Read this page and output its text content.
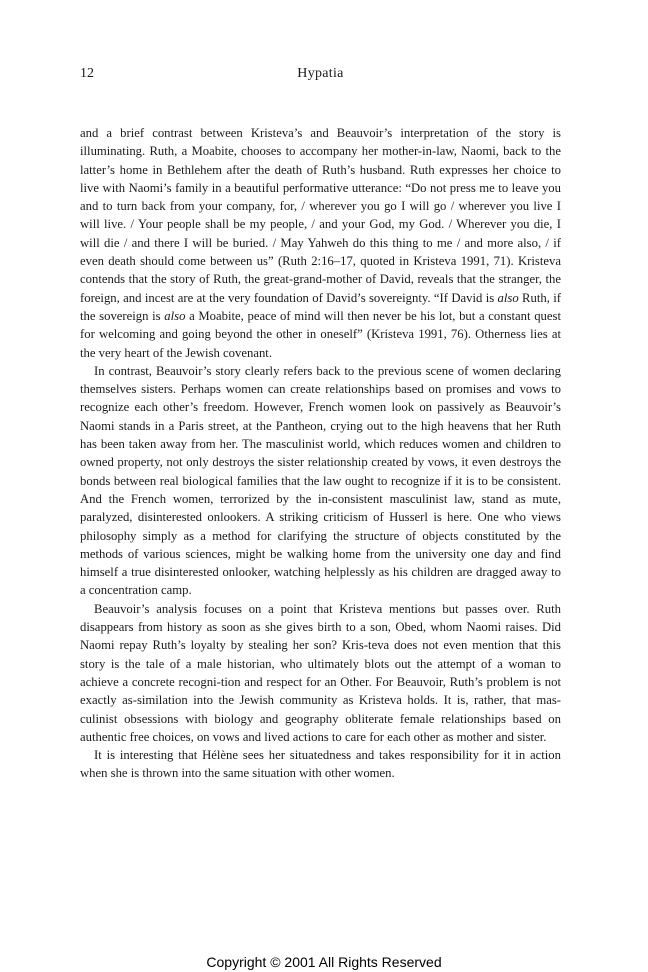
12	Hypatia

and a brief contrast between Kristeva’s and Beauvoir’s interpretation of the story is illuminating. Ruth, a Moabite, chooses to accompany her mother-in-law, Naomi, back to the latter’s home in Bethlehem after the death of Ruth’s husband. Ruth expresses her choice to live with Naomi’s family in a beautiful performative utterance: “Do not press me to leave you and to turn back from your company, for, / wherever you go I will go / wherever you live I will live. / Your people shall be my people, / and your God, my God. / Wherever you die, I will die / and there I will be buried. / May Yahweh do this thing to me / and more also, / if even death should come between us” (Ruth 2:16–17, quoted in Kristeva 1991, 71). Kristeva contends that the story of Ruth, the great-grand-mother of David, reveals that the stranger, the foreign, and incest are at the very foundation of David’s sovereignty. “If David is also Ruth, if the sovereign is also a Moabite, peace of mind will then never be his lot, but a constant quest for welcoming and going beyond the other in oneself” (Kristeva 1991, 76). Otherness lies at the very heart of the Jewish covenant.

In contrast, Beauvoir’s story clearly refers back to the previous scene of women declaring themselves sisters. Perhaps women can create relationships based on promises and vows to recognize each other’s freedom. However, French women look on passively as Beauvoir’s Naomi stands in a Paris street, at the Pantheon, crying out to the high heavens that her Ruth has been taken away from her. The masculinist world, which reduces women and children to owned property, not only destroys the sister relationship created by vows, it even destroys the bonds between real biological families that the law ought to recognize if it is to be consistent. And the French women, terrorized by the in-consistent masculinist law, stand as mute, paralyzed, disinterested onlookers. A striking criticism of Husserl is here. One who views philosophy simply as a method for clarifying the structure of objects constituted by the methods of various sciences, might be walking home from the university one day and find himself a true disinterested onlooker, watching helplessly as his children are dragged away to a concentration camp.

Beauvoir’s analysis focuses on a point that Kristeva mentions but passes over. Ruth disappears from history as soon as she gives birth to a son, Obed, whom Naomi raises. Did Naomi repay Ruth’s loyalty by stealing her son? Kris-teva does not even mention that this story is the tale of a male historian, who ultimately blots out the attempt of a woman to achieve a concrete recogni-tion and respect for an Other. For Beauvoir, Ruth’s problem is not exactly as-similation into the Jewish community as Kristeva holds. It is, rather, that mas-culinist obsessions with biology and geography obliterate female relationships based on authentic free choices, on vows and lived actions to care for each other as mother and sister.

It is interesting that Hélène sees her situatedness and takes responsibility for it in action when she is thrown into the same situation with other women.

Copyright © 2001 All Rights Reserved
